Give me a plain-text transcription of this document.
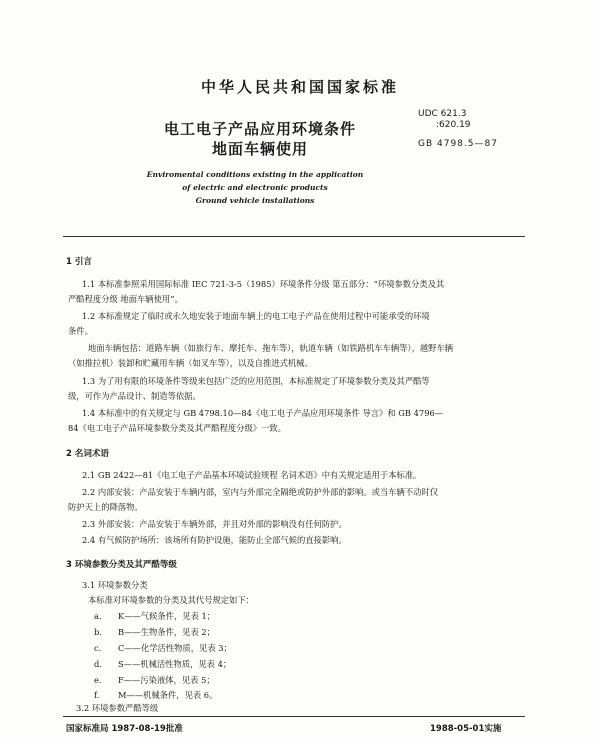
中华人民共和国国家标准
UDC 621.3
:620.19
GB 4798.5—87
电工电子产品应用环境条件
地面车辆使用
Enviromental conditions existing in the application
of electric and electronic products
Ground vehicle installations
1 引言
1.1 本标准参照采用国际标准 IEC 721-3-5（1985）环境条件分级 第五部分：“环境参数分类及其
严酷程度分级 地面车辆使用”。
1.2 本标准规定了临时或永久地安装于地面车辆上的电工电子产品在使用过程中可能承受的环境
条件。
地面车辆包括：道路车辆（如旅行车、摩托车、拖车等），轨道车辆（如铁路机车车辆等），越野车辆
（如推拉机）装卸和贮藏用车辆（如叉车等），以及自推进式机械。
1.3 为了用有限的环境条件等级来包括广泛的应用范围，本标准规定了环境参数分类及其严酷等
级，可作为产品设计、制造等依据。
1.4 本标准中的有关规定与 GB 4798.10—84《电工电子产品应用环境条件 导言》和 GB 4796—
84《电工电子产品环境参数分类及其严酷程度分级》一致。
2 名词术语
2.1 GB 2422—81《电工电子产品基本环境试验规程 名词术语》中有关规定适用于本标准。
2.2 内部安装：产品安装于车辆内部，室内与外部完全隔绝或防护外部的影响。或当车辆不动时仅
防护天上的降落物。
2.3 外部安装：产品安装于车辆外部，并且对外部的影响没有任何防护。
2.4 有气候防护场所：该场所有防护设施，能防止全部气候的直接影响。
3 环境参数分类及其严酷等级
3.1 环境参数分类
本标准对环境参数的分类及其代号规定如下：
a. K——气候条件，见表 1；
b. B——生物条件，见表 2；
c. C——化学活性物质，见表 3；
d. S——机械活性物质，见表 4；
e. F——污染液体，见表 5；
f. M——机械条件，见表 6。
3.2 环境参数严酷等级
国家标准局 1987-08-19批准	1988-05-01实施
